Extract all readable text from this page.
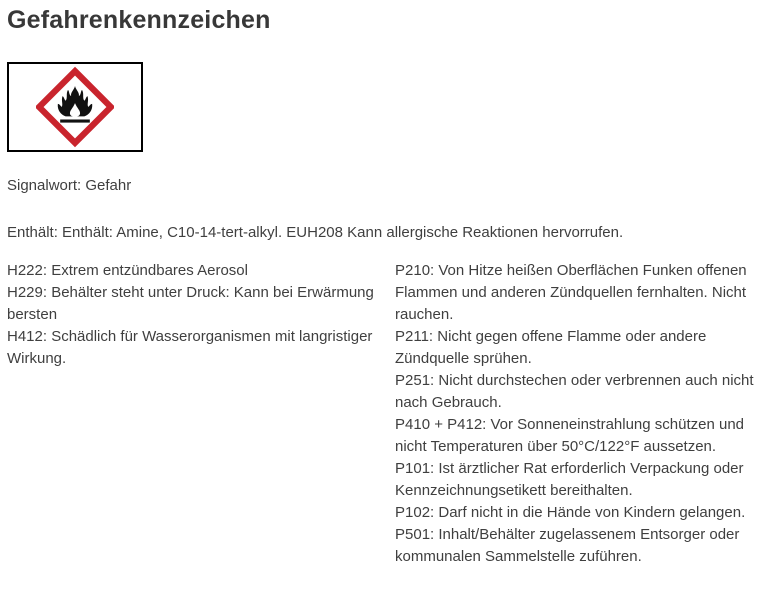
Gefahrenkennzeichen

Signalwort: Gefahr

Enthält: Enthält: Amine, C10-14-tert-alkyl. EUH208 Kann allergische Reaktionen hervorrufen.

H222: Extrem entzündbares Aerosol

H229: Behälter steht unter Druck: Kann bei Erwärmung bersten

H412: Schädlich für Wasserorganismen mit langristiger Wirkung.

P210: Von Hitze heißen Oberflächen Funken offenen Flammen und anderen Zündquellen fernhalten. Nicht rauchen.

P211: Nicht gegen offene Flamme oder andere Zündquelle sprühen.

P251: Nicht durchstechen oder verbrennen auch nicht nach Gebrauch.

P410 + P412: Vor Sonneneinstrahlung schützen und nicht Temperaturen über 50°C/122°F aussetzen.

P101: Ist ärztlicher Rat erforderlich Verpackung oder Kennzeichnungsetikett bereithalten.

P102: Darf nicht in die Hände von Kindern gelangen.

P501: Inhalt/Behälter zugelassenem Entsorger oder kommunalen Sammelstelle zuführen.
